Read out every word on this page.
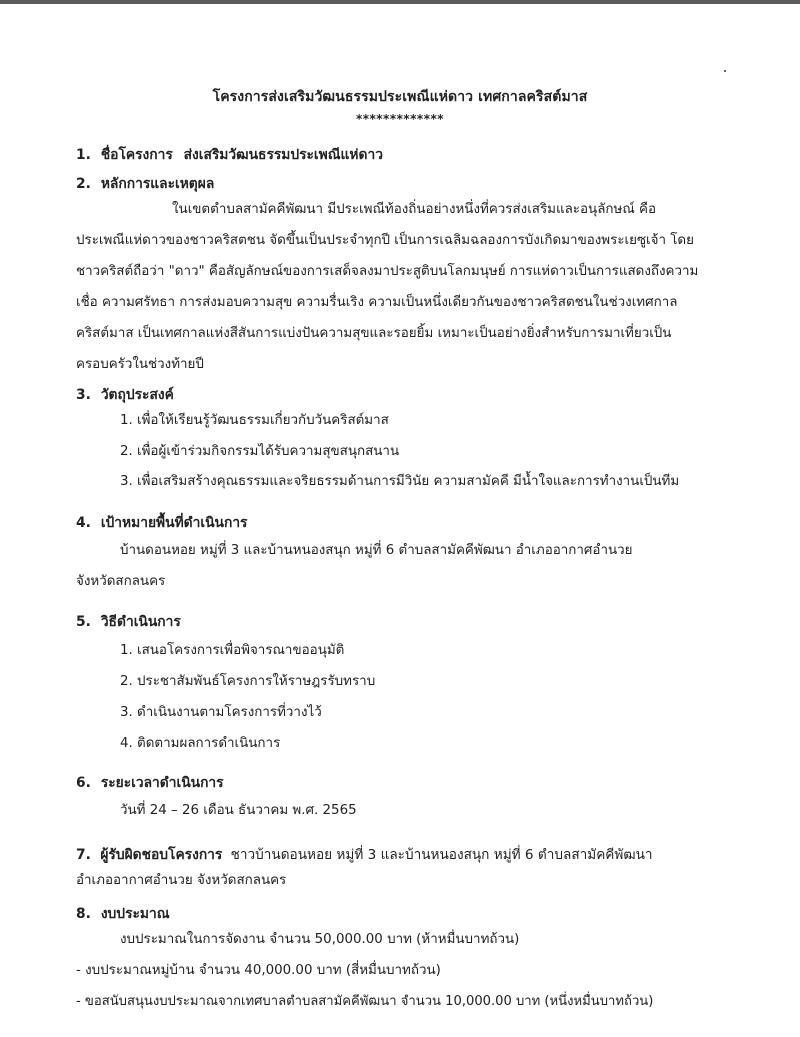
โครงการส่งเสริมวัฒนธรรมประเพณีแห่ดาว เทศกาลคริสต์มาส
*************
1. ชื่อโครงการ ส่งเสริมวัฒนธรรมประเพณีแห่ดาว
2. หลักการและเหตุผล
ในเขตตำบลสามัคคีพัฒนา มีประเพณีท้องถิ่นอย่างหนึ่งที่ควรส่งเสริมและอนุลักษณ์ คือ
ประเพณีแห่ดาวของชาวคริสตชน จัดขึ้นเป็นประจำทุกปี เป็นการเฉลิมฉลองการบังเกิดมาของพระเยซูเจ้า โดย
ชาวคริสต์ถือว่า "ดาว" คือสัญลักษณ์ของการเสด็จลงมาประสูติบนโลกมนุษย์ การแห่ดาวเป็นการแสดงถึงความ
เชื่อ ความศรัทธา การส่งมอบความสุข ความรื่นเริง ความเป็นหนึ่งเดียวกันของชาวคริสตชนในช่วงเทศกาล
คริสต์มาส เป็นเทศกาลแห่งสีสันการแบ่งปันความสุขและรอยยิ้ม เหมาะเป็นอย่างยิ่งสำหรับการมาเที่ยวเป็น
ครอบครัวในช่วงท้ายปี
3. วัตถุประสงค์
1. เพื่อให้เรียนรู้วัฒนธรรมเกี่ยวกับวันคริสต์มาส
2. เพื่อผู้เข้าร่วมกิจกรรมได้รับความสุขสนุกสนาน
3. เพื่อเสริมสร้างคุณธรรมและจริยธรรมด้านการมีวินัย ความสามัคคี มีน้ำใจและการทำงานเป็นทีม
4. เป้าหมายพื้นที่ดำเนินการ
บ้านดอนหอย หมู่ที่ 3 และบ้านหนองสนุก หมู่ที่ 6 ตำบลสามัคคีพัฒนา อำเภออากาศอำนวย
จังหวัดสกลนคร
5. วิธีดำเนินการ
1. เสนอโครงการเพื่อพิจารณาขออนุมัติ
2. ประชาสัมพันธ์โครงการให้ราษฎรรับทราบ
3. ดำเนินงานตามโครงการที่วางไว้
4. ติดตามผลการดำเนินการ
6. ระยะเวลาดำเนินการ
วันที่ 24 – 26 เดือน ธันวาคม พ.ศ. 2565
7. ผู้รับผิดชอบโครงการ ชาวบ้านดอนหอย หมู่ที่ 3 และบ้านหนองสนุก หมู่ที่ 6 ตำบลสามัคคีพัฒนา
อำเภออากาศอำนวย จังหวัดสกลนคร
8. งบประมาณ
งบประมาณในการจัดงาน จำนวน 50,000.00 บาท (ห้าหมื่นบาทถ้วน)
- งบประมาณหมู่บ้าน จำนวน 40,000.00 บาท (สี่หมื่นบาทถ้วน)
- ขอสนับสนุนงบประมาณจากเทศบาลตำบลสามัคคีพัฒนา จำนวน 10,000.00 บาท (หนึ่งหมื่นบาทถ้วน)
